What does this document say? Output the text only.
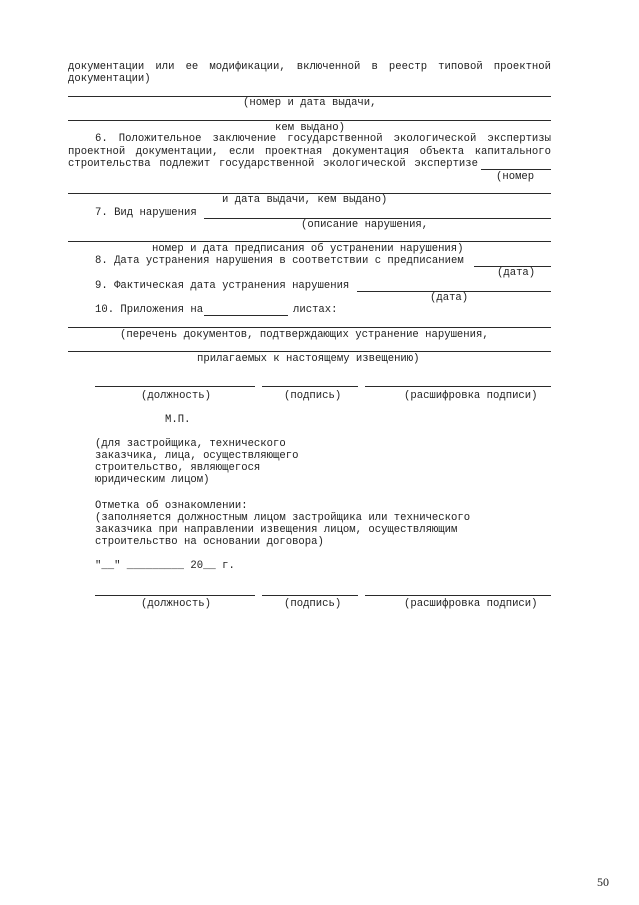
документации или ее модификации, включенной в реестр типовой проектной
документации)
(номер и дата выдачи,
кем выдано)
6. Положительное заключение государственной экологической экспертизы
проектной документации, если проектная документация объекта капитального
строительства подлежит государственной экологической экспертизе
(номер
и дата выдачи, кем выдано)
7. Вид нарушения
(описание нарушения,
номер и дата предписания об устранении нарушения)
8. Дата устранения нарушения в соответствии с предписанием
(дата)
9. Фактическая дата устранения нарушения
(дата)
10. Приложения на	листах:
(перечень документов, подтверждающих устранение нарушения,
прилагаемых к настоящему извещению)
(должность)	(подпись)	(расшифровка подписи)
М.П.
(для застройщика, технического
заказчика, лица, осуществляющего
строительство, являющегося
юридическим лицом)
Отметка об ознакомлении:
(заполняется должностным лицом застройщика или технического
заказчика при направлении извещения лицом, осуществляющим
строительство на основании договора)
"__" _________ 20__ г.
(должность)	(подпись)	(расшифровка подписи)
50
